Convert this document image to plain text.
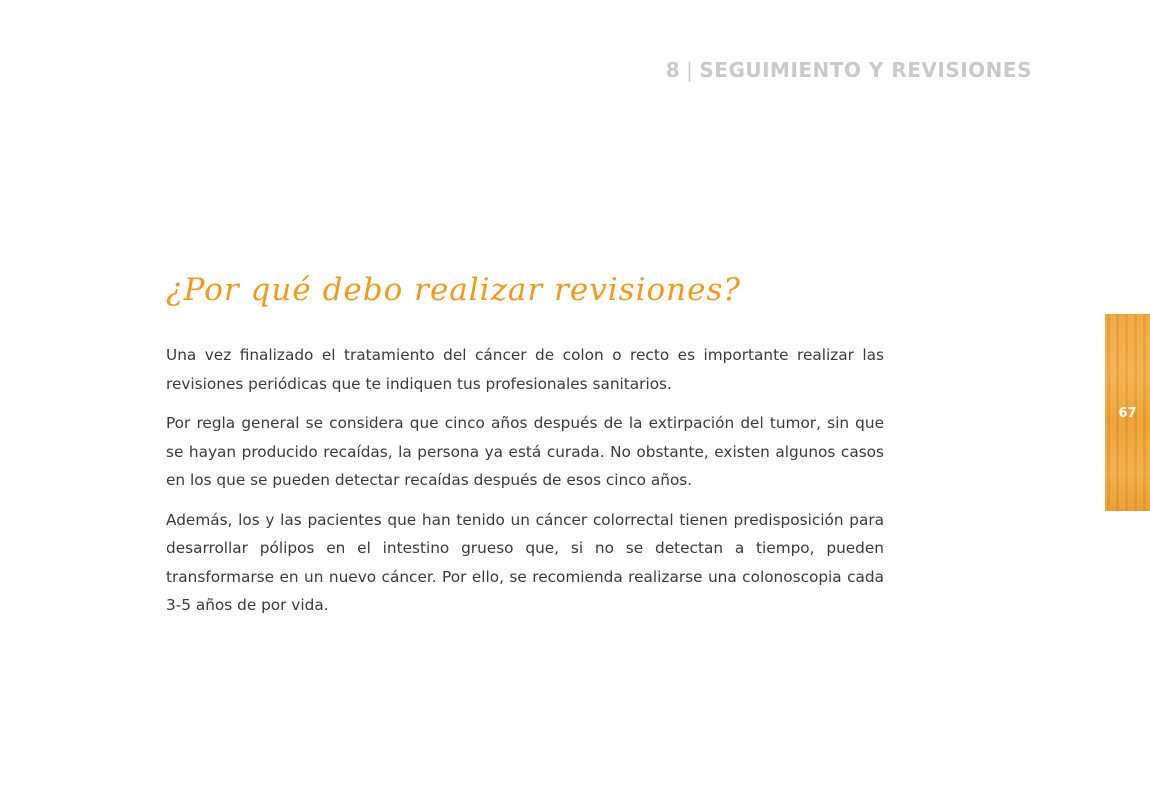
8 | SEGUIMIENTO Y REVISIONES
¿Por qué debo realizar revisiones?

Una vez finalizado el tratamiento del cáncer de colon o recto es importante realizar las revisiones periódicas que te indiquen tus profesionales sanitarios.

Por regla general se considera que cinco años después de la extirpación del tumor, sin que se hayan producido recaídas, la persona ya está curada. No obstante, existen algunos casos en los que se pueden detectar recaídas después de esos cinco años.

Además, los y las pacientes que han tenido un cáncer colorrectal tienen predisposición para desarrollar pólipos en el intestino grueso que, si no se detectan a tiempo, pueden transformarse en un nuevo cáncer. Por ello, se recomienda realizarse una colonoscopia cada 3-5 años de por vida.

67
